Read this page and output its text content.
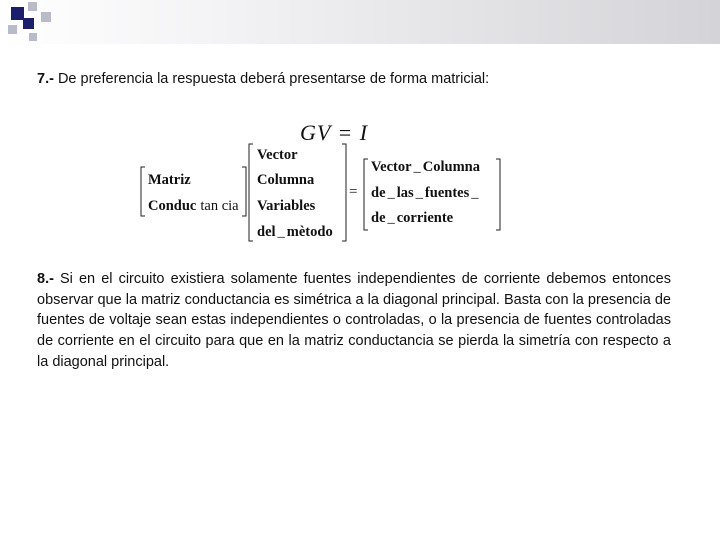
7.- De preferencia la respuesta deberá presentarse de forma matricial:
GV = I
Matriz
Conduc tan cia
Vector
Columna
Variables
del _ mètodo
=
Vector _ Columna
de _ las _ fuentes _
de _ corriente
8.- Si en el circuito existiera solamente fuentes independientes de corriente debemos entonces observar que la matriz conductancia es simétrica a la diagonal principal. Basta con la presencia de fuentes de voltaje sean estas independientes o controladas, o la presencia de fuentes controladas de corriente en el circuito para que en la matriz conductancia se pierda la simetría con respecto a la diagonal principal.
